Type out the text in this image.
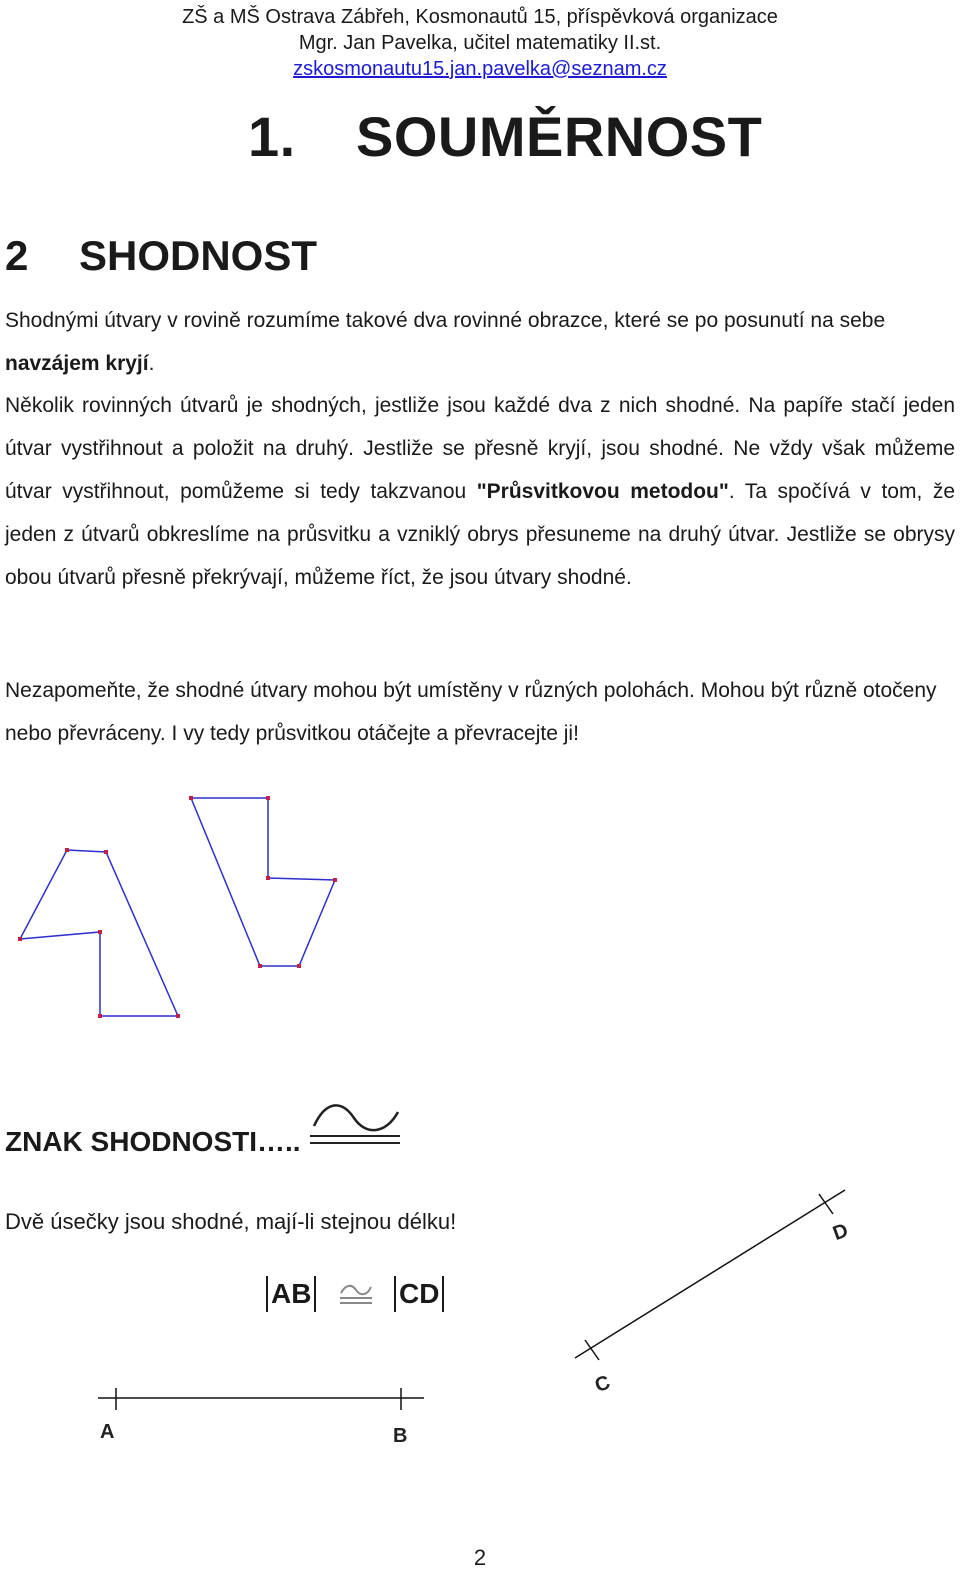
ZŠ a MŠ Ostrava Zábřeh, Kosmonautů 15, příspěvková organizace
Mgr. Jan Pavelka, učitel matematiky II.st.
zskosmonautu15.jan.pavelka@seznam.cz
1. SOUMĚRNOST
2 SHODNOST

Shodnými útvary v rovině rozumíme takové dva rovinné obrazce, které se po posunutí na sebe navzájem kryjí.

Několik rovinných útvarů je shodných, jestliže jsou každé dva z nich shodné. Na papíře stačí jeden útvar vystřihnout a položit na druhý. Jestliže se přesně kryjí, jsou shodné. Ne vždy však můžeme útvar vystřihnout, pomůžeme si tedy takzvanou "Průsvitkovou metodou". Ta spočívá v tom, že jeden z útvarů obkreslíme na průsvitku a vzniklý obrys přesuneme na druhý útvar. Jestliže se obrysy obou útvarů přesně překrývají, můžeme říct, že jsou útvary shodné.

Nezapomeňte, že shodné útvary mohou být umístěny v různých polohách. Mohou být různě otočeny nebo převráceny. I vy tedy průsvitkou otáčejte a převracejte ji!

ZNAK SHODNOSTI…..
Dvě úsečky jsou shodné, mají-li stejnou délku!
AB	CD
A	B
C
D
2
